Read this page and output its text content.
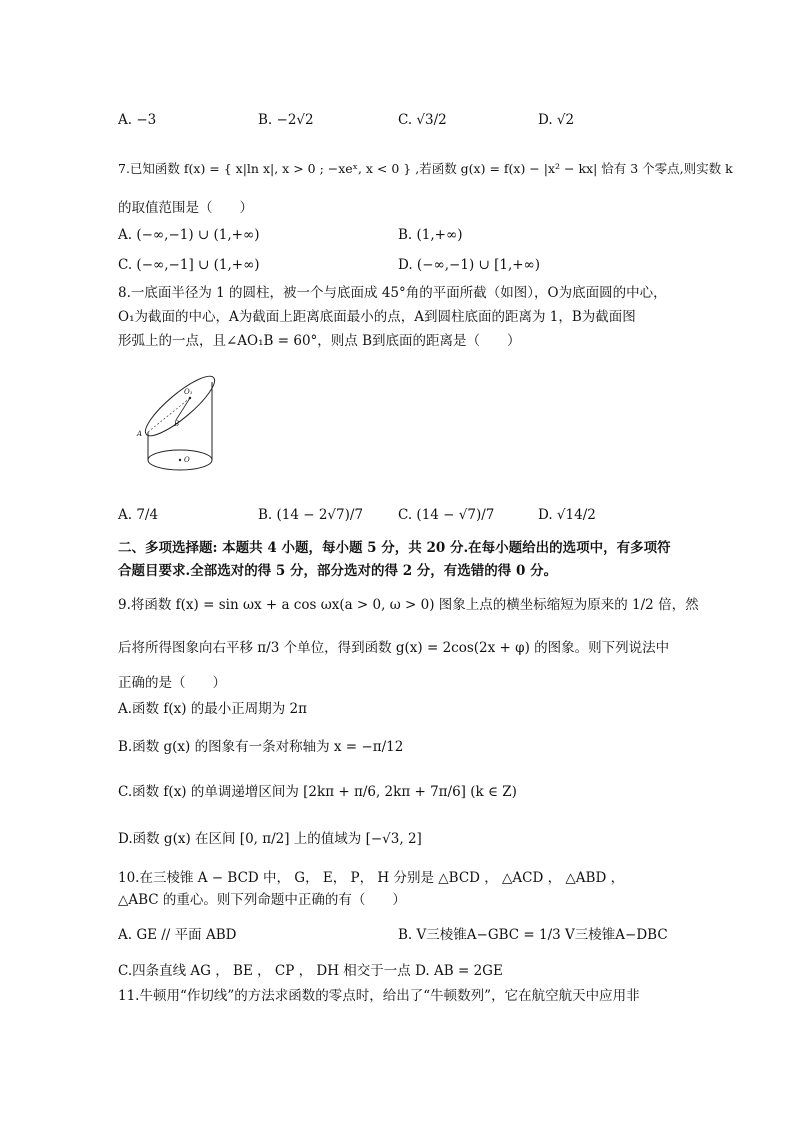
A. −3	B. −2√2	C. √3/2	D. √2
7.已知函数 f(x) = { x|ln x|, x > 0 ; −xeˣ, x < 0 } ,若函数 g(x) = f(x) − |x² − kx| 恰有 3 个零点,则实数 k
的取值范围是（　　）
A. (−∞,−1) ∪ (1,+∞)	B. (1,+∞)
C. (−∞,−1] ∪ (1,+∞)	D. (−∞,−1) ∪ [1,+∞)
8.一底面半径为 1 的圆柱，被一个与底面成 45°角的平面所截（如图），O为底面圆的中心，
O₁为截面的中心，A为截面上距离底面最小的点，A到圆柱底面的距离为 1，B为截面图
形弧上的一点，且∠AO₁B = 60°，则点 B到底面的距离是（　　）
O₁
B
A
O
A. 7/4	B. (14 − 2√7)/7	C. (14 − √7)/7	D. √14/2
二、多项选择题: 本题共 4 小题，每小题 5 分，共 20 分.在每小题给出的选项中，有多项符
合题目要求.全部选对的得 5 分，部分选对的得 2 分，有选错的得 0 分。
9.将函数 f(x) = sin ωx + a cos ωx(a > 0, ω > 0) 图象上点的横坐标缩短为原来的 1/2 倍，然
后将所得图象向右平移 π/3 个单位，得到函数 g(x) = 2cos(2x + φ) 的图象。则下列说法中
正确的是（　　）
A.函数 f(x) 的最小正周期为 2π
B.函数 g(x) 的图象有一条对称轴为 x = −π/12
C.函数 f(x) 的单调递增区间为 [2kπ + π/6, 2kπ + 7π/6] (k ∈ Z)
D.函数 g(x) 在区间 [0, π/2] 上的值域为 [−√3, 2]
10.在三棱锥 A − BCD 中， G， E， P， H 分别是 △BCD ， △ACD ， △ABD ，
△ABC 的重心。则下列命题中正确的有（　　）
A. GE // 平面 ABD	B. V三棱锥A−GBC = 1/3 V三棱锥A−DBC
C.四条直线 AG ， BE ， CP ， DH 相交于一点 D. AB = 2GE
11.牛顿用“作切线”的方法求函数的零点时，给出了“牛顿数列”，它在航空航天中应用非
